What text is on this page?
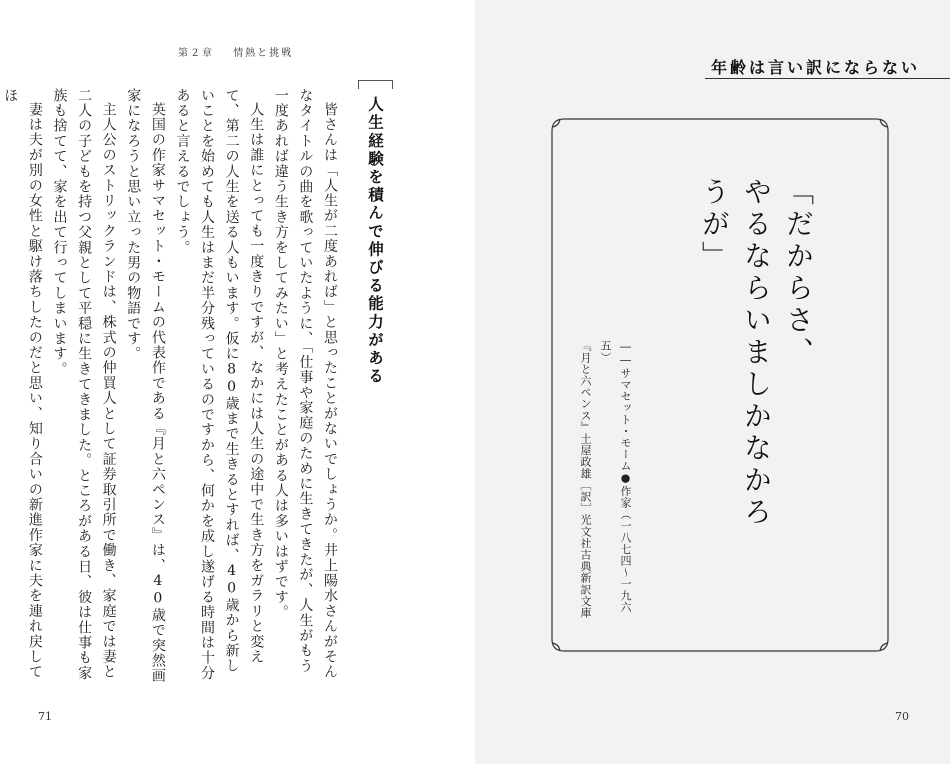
第２章 情熱と挑戦
人生経験を積んで伸びる能力がある

皆さんは「人生が二度あれば」と思ったことがないでしょうか。井上陽水さんがそんなタイトルの曲を歌っていたように、「仕事や家庭のために生きてきたが、人生がもう一度あれば違う生き方をしてみたい」と考えたことがある人は多いはずです。

人生は誰にとっても一度きりですが、なかには人生の途中で生き方をガラリと変えて、第二の人生を送る人もいます。仮に80歳まで生きるとすれば、40歳から新しいことを始めても人生はまだ半分残っているのですから、何かを成し遂げる時間は十分あると言えるでしょう。

英国の作家サマセット・モームの代表作である『月と六ペンス』は、40歳で突然画家になろうと思い立った男の物語です。

主人公のストリックランドは、株式の仲買人として証券取引所で働き、家庭では妻と二人の子どもを持つ父親として平穏に生きてきました。ところがある日、彼は仕事も家族も捨てて、家を出て行ってしまいます。

妻は夫が別の女性と駆け落ちしたのだと思い、知り合いの新進作家に夫を連れ戻してほ

71
年齢は言い訳にならない
「だからさ、
やるならいましかなかろうが」
――サマセット・モーム●作家（一八七四〜一九六五）
『月と六ペンス』土屋政雄［訳］光文社古典新訳文庫
70
